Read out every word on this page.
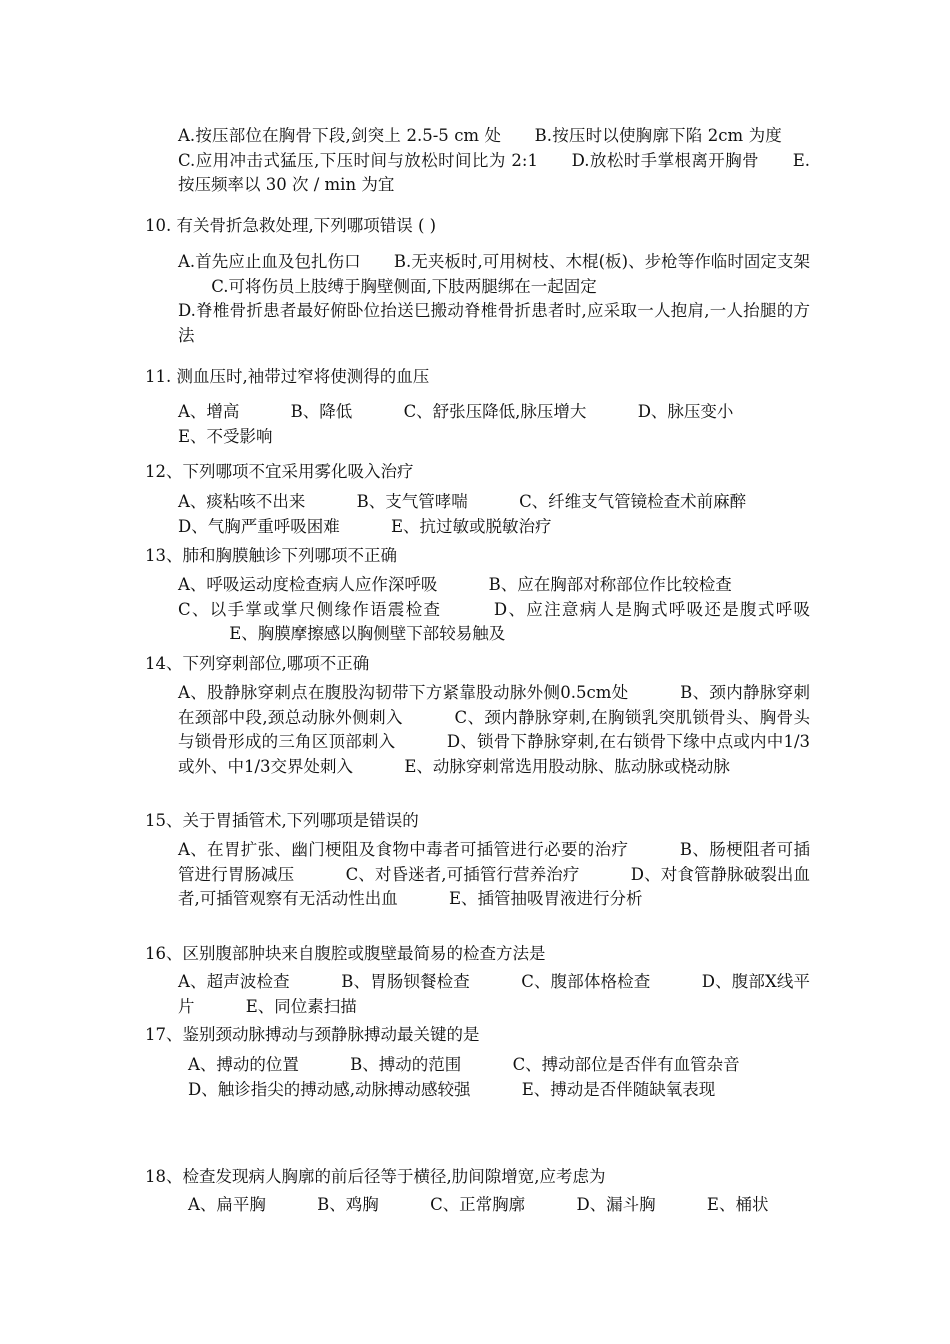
A.按压部位在胸骨下段,剑突上 2.5-5 cm 处 B.按压时以使胸廓下陷 2cm 为度 C.应用冲击式猛压,下压时间与放松时间比为 2:1 D.放松时手掌根离开胸骨 E. 按压频率以 30 次 / min 为宜

10. 有关骨折急救处理,下列哪项错误 ( )

A.首先应止血及包扎伤口 B.无夹板时,可用树枝、木棍(板)、步枪等作临时固定支架 C.可将伤员上肢缚于胸壁侧面,下肢两腿绑在一起固定
D.脊椎骨折患者最好俯卧位抬送巳搬动脊椎骨折患者时,应采取一人抱肩,一人抬腿的方法

11. 测血压时,袖带过窄将使测得的血压

A、增高	B、降低	C、舒张压降低,脉压增大	D、脉压变小
E、不受影响

12、下列哪项不宜采用雾化吸入治疗

A、痰粘咳不出来	B、支气管哮喘	C、纤维支气管镜检查术前麻醉
D、气胸严重呼吸困难	E、抗过敏或脱敏治疗

13、肺和胸膜触诊下列哪项不正确

A、呼吸运动度检查病人应作深呼吸	B、应在胸部对称部位作比较检查
C、以手掌或掌尺侧缘作语震检查	D、应注意病人是胸式呼吸还是腹式呼吸 E、胸膜摩擦感以胸侧壁下部较易触及

14、下列穿刺部位,哪项不正确

A、股静脉穿刺点在腹股沟韧带下方紧靠股动脉外侧0.5cm处	B、颈内静脉穿刺在颈部中段,颈总动脉外侧刺入	C、颈内静脉穿刺,在胸锁乳突肌锁骨头、胸骨头与锁骨形成的三角区顶部刺入	D、锁骨下静脉穿刺,在右锁骨下缘中点或内中1/3或外、中1/3交界处刺入	E、动脉穿刺常选用股动脉、肱动脉或桡动脉

15、关于胃插管术,下列哪项是错误的

A、在胃扩张、幽门梗阻及食物中毒者可插管进行必要的治疗	B、肠梗阻者可插管进行胃肠减压	C、对昏迷者,可插管行营养治疗	D、对食管静脉破裂出血者,可插管观察有无活动性出血	E、插管抽吸胃液进行分析

16、区别腹部肿块来自腹腔或腹壁最简易的检查方法是

A、超声波检查	B、胃肠钡餐检查	C、腹部体格检查	D、腹部X线平片	E、同位素扫描

17、鉴别颈动脉搏动与颈静脉搏动最关键的是

A、搏动的位置	B、搏动的范围	C、搏动部位是否伴有血管杂音
D、触诊指尖的搏动感,动脉搏动感较强	E、搏动是否伴随缺氧表现

18、检查发现病人胸廓的前后径等于横径,肋间隙增宽,应考虑为

A、扁平胸	B、鸡胸	C、正常胸廓	D、漏斗胸	E、桶状
